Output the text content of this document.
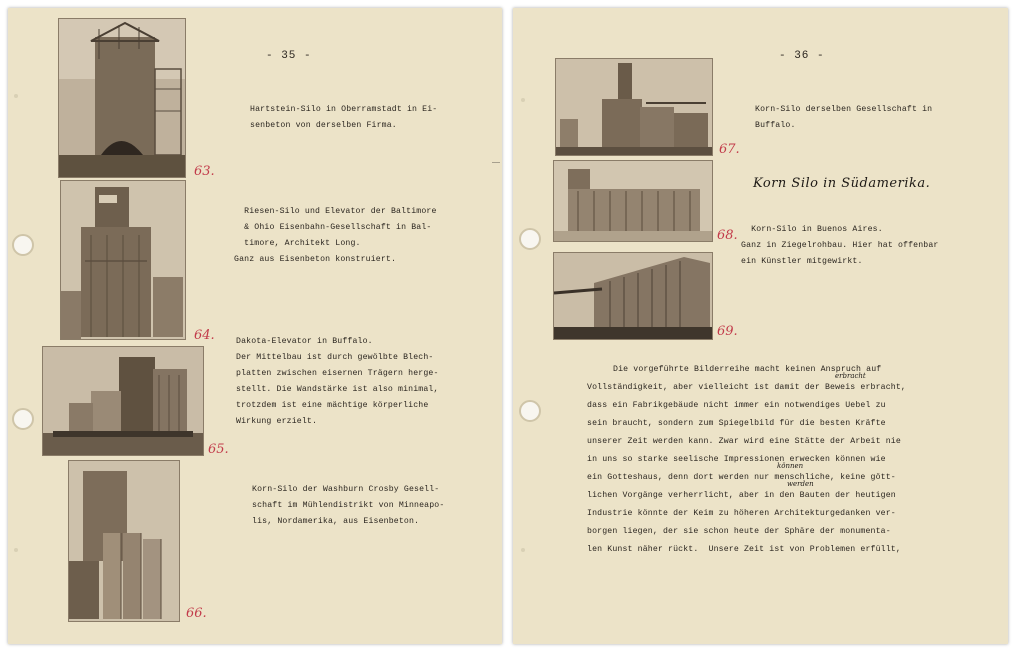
- 35 -
63.
Hartstein-Silo in Oberramstadt in Ei-
senbeton von derselben Firma.
64.
Riesen-Silo und Elevator der Baltimore
& Ohio Eisenbahn-Gesellschaft in Bal-
timore, Architekt Long.
Ganz aus Eisenbeton konstruiert.
65.
Dakota-Elevator in Buffalo.
Der Mittelbau ist durch gewölbte Blech-
platten zwischen eisernen Trägern herge-
stellt. Die Wandstärke ist also minimal,
trotzdem ist eine mächtige körperliche
Wirkung erzielt.
66.
Korn-Silo der Washburn Crosby Gesell-
schaft im Mühlendistrikt von Minneapo-
lis, Nordamerika, aus Eisenbeton.
- 36 -
67.
Korn-Silo derselben Gesellschaft in
Buffalo.
Korn Silo in Südamerika.
68.	Korn-Silo in Buenos Aires.
Ganz in Ziegelrohbau. Hier hat offenbar
ein Künstler mitgewirkt.
69.
Die vorgeführte Bilderreihe macht keinen Anspruch auf
Vollständigkeit, aber vielleicht ist damit der Beweis erbracht,
dass ein Fabrikgebäude nicht immer ein notwendiges Uebel zu
sein braucht, sondern zum Spiegelbild für die besten Kräfte
unserer Zeit werden kann. Zwar wird eine Stätte der Arbeit nie
in uns so starke seelische Impressionen erwecken können wie
ein Gotteshaus, denn dort werden nur menschliche, keine gött-
lichen Vorgänge verherrlicht, aber in den Bauten der heutigen
Industrie könnte der Keim zu höheren Architekturgedanken ver-
borgen liegen, der sie schon heute der Sphäre der monumenta-
len Kunst näher rückt.  Unsere Zeit ist von Problemen erfüllt,
erbracht
können
werden
